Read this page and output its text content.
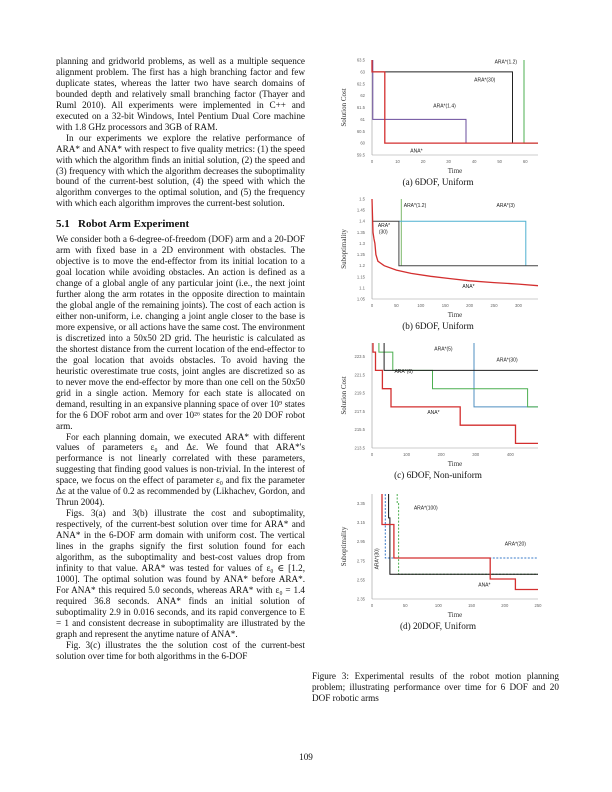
planning and gridworld problems, as well as a multiple sequence alignment problem. The first has a high branching factor and few duplicate states, whereas the latter two have search domains of bounded depth and relatively small branching factor (Thayer and Ruml 2010). All experiments were implemented in C++ and executed on a 32-bit Windows, Intel Pentium Dual Core machine with 1.8 GHz processors and 3GB of RAM.

In our experiments we explore the relative performance of ARA* and ANA* with respect to five quality metrics: (1) the speed with which the algorithm finds an initial solution, (2) the speed and (3) frequency with which the algorithm decreases the suboptimality bound of the current-best solution, (4) the speed with which the algorithm converges to the optimal solution, and (5) the frequency with which each algorithm improves the current-best solution.

5.1 Robot Arm Experiment

We consider both a 6-degree-of-freedom (DOF) arm and a 20-DOF arm with fixed base in a 2D environment with obstacles. The objective is to move the end-effector from its initial location to a goal location while avoiding obstacles. An action is defined as a change of a global angle of any particular joint (i.e., the next joint further along the arm rotates in the opposite direction to maintain the global angle of the remaining joints). The cost of each action is either non-uniform, i.e. changing a joint angle closer to the base is more expensive, or all actions have the same cost. The environment is discretized into a 50x50 2D grid. The heuristic is calculated as the shortest distance from the current location of the end-effector to the goal location that avoids obstacles. To avoid having the heuristic overestimate true costs, joint angles are discretized so as to never move the end-effector by more than one cell on the 50x50 grid in a single action. Memory for each state is allocated on demand, resulting in an expansive planning space of over 10⁹ states for the 6 DOF robot arm and over 10²⁶ states for the 20 DOF robot arm.

For each planning domain, we executed ARA* with different values of parameters ε₀ and Δε. We found that ARA*'s performance is not linearly correlated with these parameters, suggesting that finding good values is non-trivial. In the interest of space, we focus on the effect of parameter ε₀ and fix the parameter Δε at the value of 0.2 as recommended by (Likhachev, Gordon, and Thrun 2004).

Figs. 3(a) and 3(b) illustrate the cost and suboptimality, respectively, of the current-best solution over time for ARA* and ANA* in the 6-DOF arm domain with uniform cost. The vertical lines in the graphs signify the first solution found for each algorithm, as the suboptimality and best-cost values drop from infinity to that value. ARA* was tested for values of ε₀ ∈ [1.2, 1000]. The optimal solution was found by ANA* before ARA*. For ANA* this required 5.0 seconds, whereas ARA* with ε₀ = 1.4 required 36.8 seconds. ANA* finds an initial solution of suboptimality 2.9 in 0.016 seconds, and its rapid convergence to E = 1 and consistent decrease in suboptimality are illustrated by the graph and represent the anytime nature of ANA*.

Fig. 3(c) illustrates the the solution cost of the current-best solution over time for both algorithms in the 6-DOF

59.5
60
60.5
61
61.5
62
62.5
63
63.5
0	10	20	30	40	50	60
Time
Solution Cost
ARA*(1.2)
ARA*(30)
ARA*(1.4)
ANA*

(a) 6DOF, Uniform

1.05
1.1
1.15
1.2
1.25
1.3
1.35
1.4
1.45
1.5
0	50	100	150	200	250	300
Time
Suboptimality
ARA*(1.2)	ARA*(3)
ARA*
(30)
ANA*

(b) 6DOF, Uniform

213.5
215.5
217.5
219.5
221.5
223.5
0	100	200	300	400
Time
Solution Cost
ARA*(5)
ARA*(30)
ARA*(6)
ANA*

(c) 6DOF, Non-uniform

2.35
2.55
2.75
2.95
3.15
3.35
0	50	100	150	200	250
Time
Suboptimality
ARA*(100)
ARA*(20)
ARA*(30)
ANA*

(d) 20DOF, Uniform

Figure 3: Experimental results of the robot motion planning problem; illustrating performance over time for 6 DOF and 20 DOF robotic arms
109
